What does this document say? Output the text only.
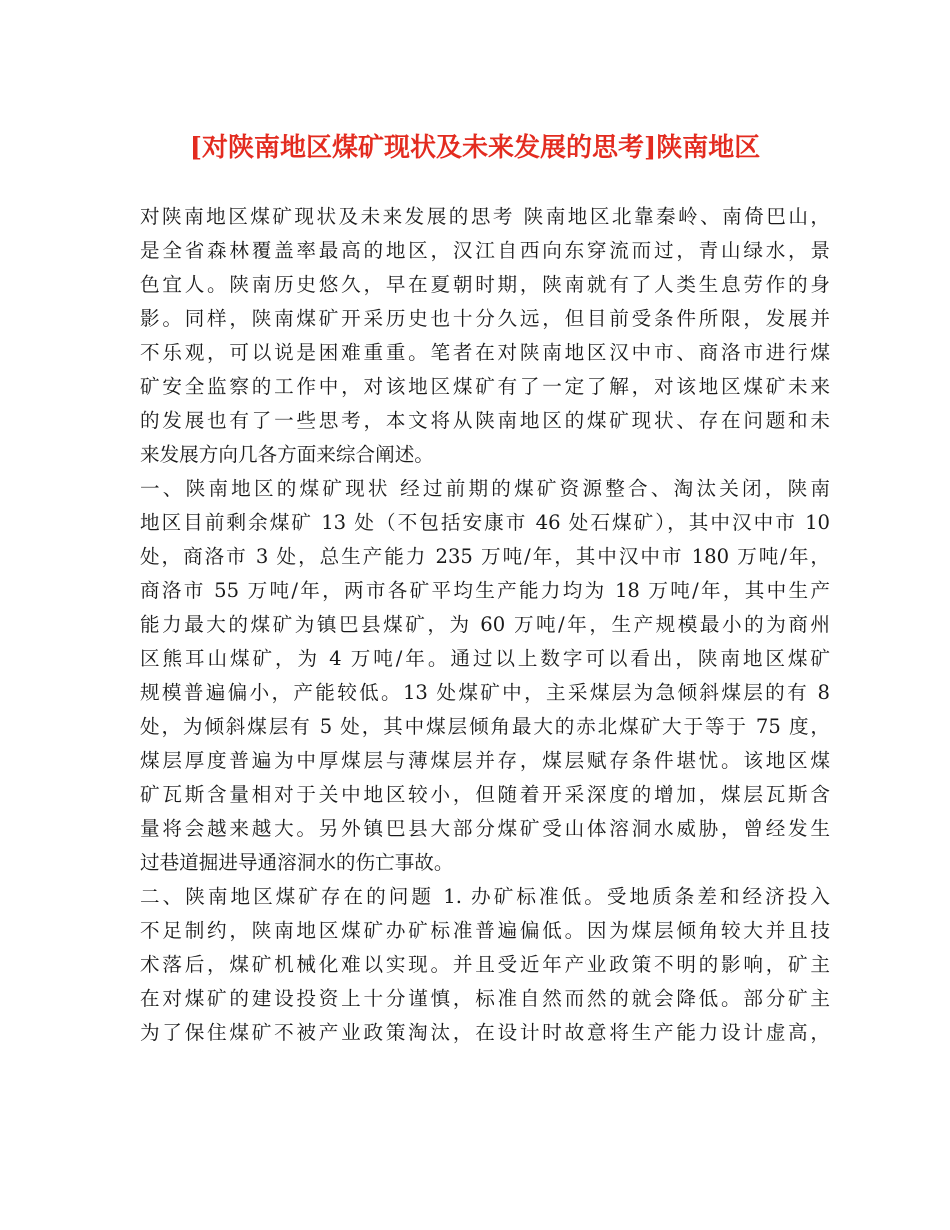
[对陕南地区煤矿现状及未来发展的思考]陕南地区
对陕南地区煤矿现状及未来发展的思考 陕南地区北靠秦岭、南倚巴山，
是全省森林覆盖率最高的地区，汉江自西向东穿流而过，青山绿水，景
色宜人。陕南历史悠久，早在夏朝时期，陕南就有了人类生息劳作的身
影。同样，陕南煤矿开采历史也十分久远，但目前受条件所限，发展并
不乐观，可以说是困难重重。笔者在对陕南地区汉中市、商洛市进行煤
矿安全监察的工作中，对该地区煤矿有了一定了解，对该地区煤矿未来
的发展也有了一些思考，本文将从陕南地区的煤矿现状、存在问题和未
来发展方向几各方面来综合阐述。
一、陕南地区的煤矿现状 经过前期的煤矿资源整合、淘汰关闭，陕南
地区目前剩余煤矿 13 处（不包括安康市 46 处石煤矿），其中汉中市 10
处，商洛市 3 处，总生产能力 235 万吨/年，其中汉中市 180 万吨/年，
商洛市 55 万吨/年，两市各矿平均生产能力均为 18 万吨/年，其中生产
能力最大的煤矿为镇巴县煤矿，为 60 万吨/年，生产规模最小的为商州
区熊耳山煤矿，为 4 万吨/年。通过以上数字可以看出，陕南地区煤矿
规模普遍偏小，产能较低。13 处煤矿中，主采煤层为急倾斜煤层的有 8
处，为倾斜煤层有 5 处，其中煤层倾角最大的赤北煤矿大于等于 75 度，
煤层厚度普遍为中厚煤层与薄煤层并存，煤层赋存条件堪忧。该地区煤
矿瓦斯含量相对于关中地区较小，但随着开采深度的增加，煤层瓦斯含
量将会越来越大。另外镇巴县大部分煤矿受山体溶洞水威胁，曾经发生
过巷道掘进导通溶洞水的伤亡事故。
二、陕南地区煤矿存在的问题 1. 办矿标准低。受地质条差和经济投入
不足制约，陕南地区煤矿办矿标准普遍偏低。因为煤层倾角较大并且技
术落后，煤矿机械化难以实现。并且受近年产业政策不明的影响，矿主
在对煤矿的建设投资上十分谨慎，标准自然而然的就会降低。部分矿主
为了保住煤矿不被产业政策淘汰，在设计时故意将生产能力设计虚高，
